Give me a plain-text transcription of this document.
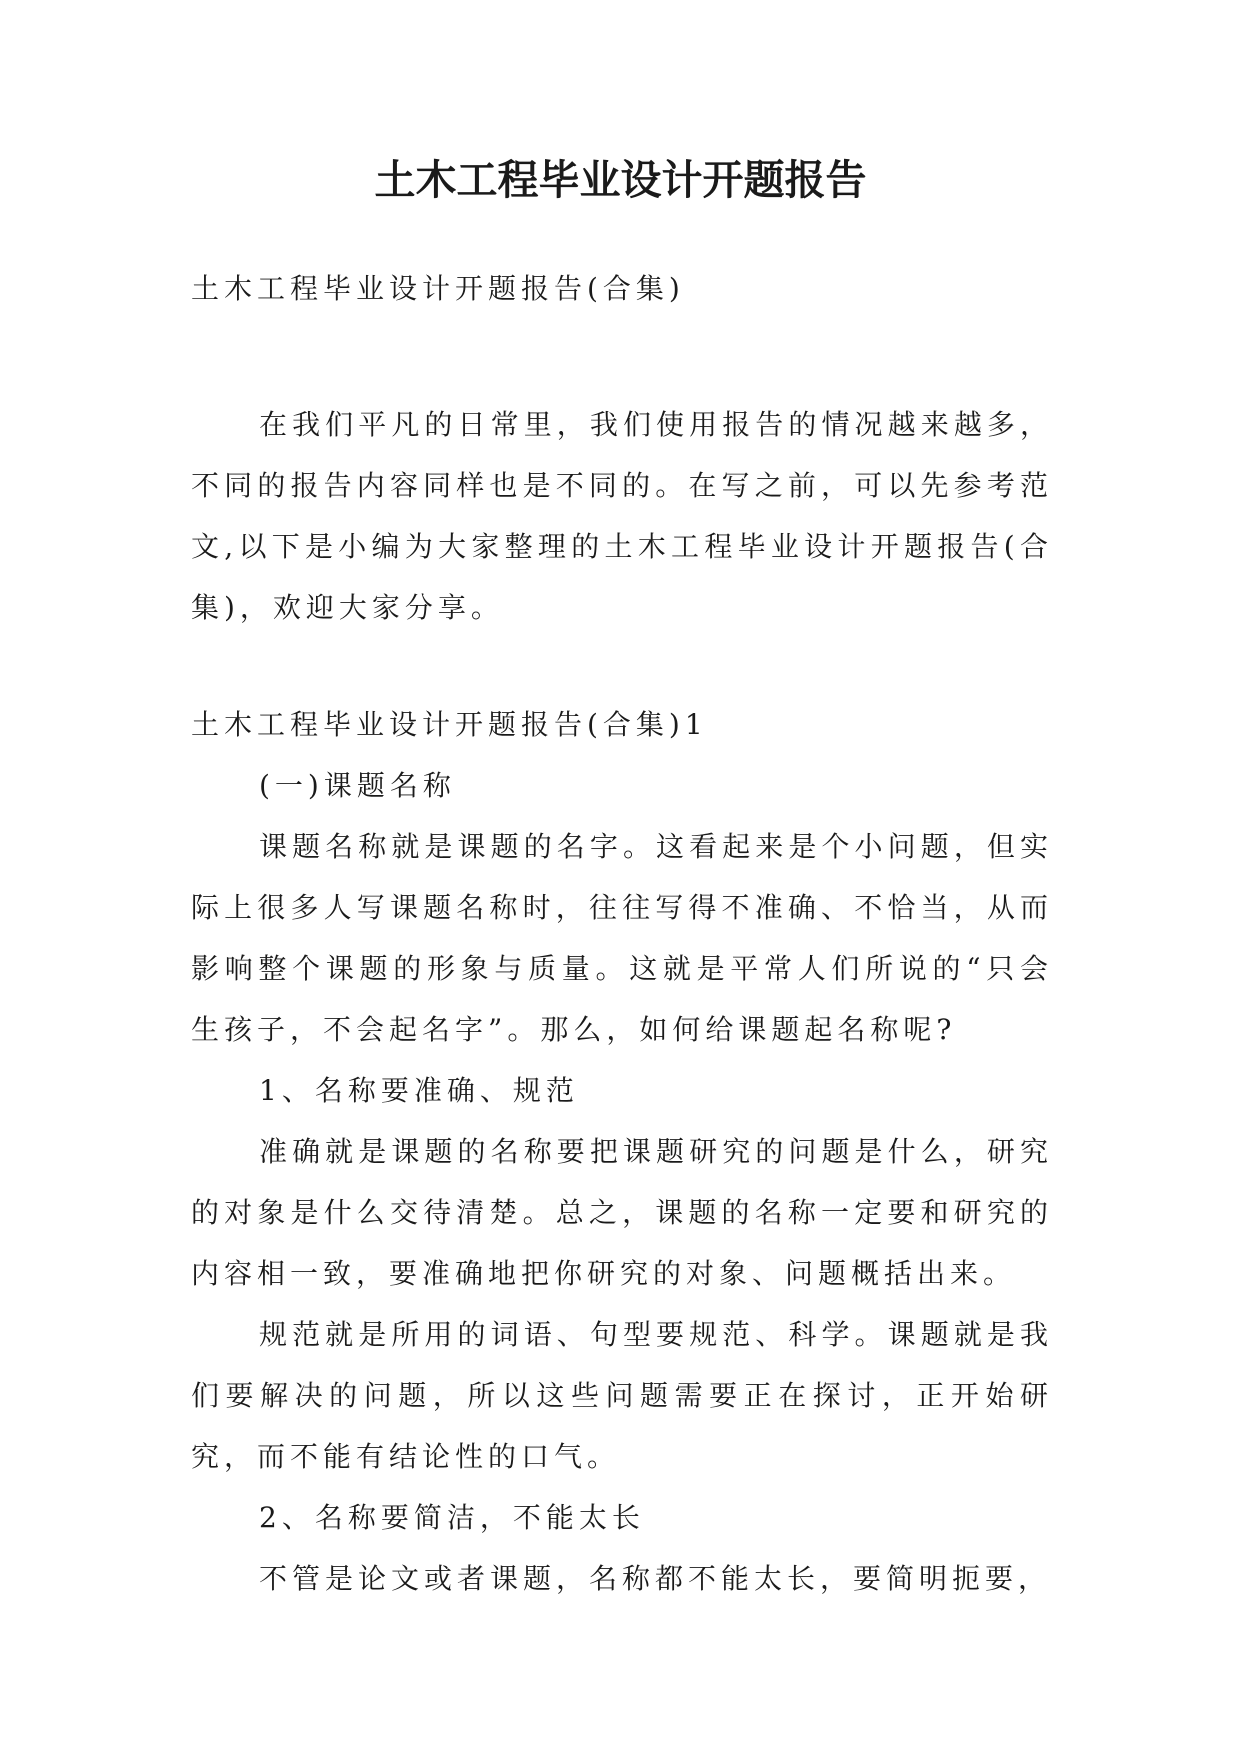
土木工程毕业设计开题报告

土木工程毕业设计开题报告(合集)

在我们平凡的日常里，我们使用报告的情况越来越多，不同的报告内容同样也是不同的。在写之前，可以先参考范文,以下是小编为大家整理的土木工程毕业设计开题报告(合集)，欢迎大家分享。

土木工程毕业设计开题报告(合集)1

(一)课题名称

课题名称就是课题的名字。这看起来是个小问题，但实际上很多人写课题名称时，往往写得不准确、不恰当，从而影响整个课题的形象与质量。这就是平常人们所说的“只会生孩子，不会起名字”。那么，如何给课题起名称呢?

1、名称要准确、规范

准确就是课题的名称要把课题研究的问题是什么，研究的对象是什么交待清楚。总之，课题的名称一定要和研究的内容相一致，要准确地把你研究的对象、问题概括出来。

规范就是所用的词语、句型要规范、科学。课题就是我们要解决的问题，所以这些问题需要正在探讨，正开始研究，而不能有结论性的口气。

2、名称要简洁，不能太长

不管是论文或者课题，名称都不能太长，要简明扼要，
